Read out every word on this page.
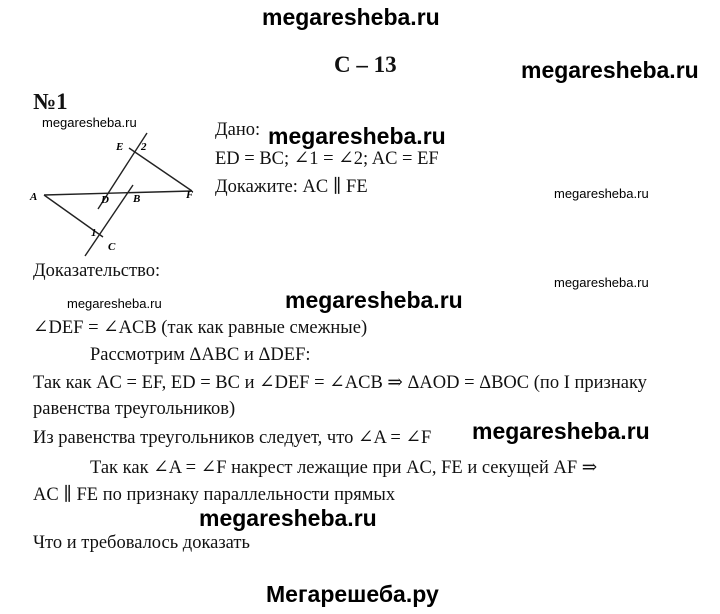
megaresheba.ru
С – 13	megaresheba.ru
№1
megaresheba.ru
A	B
C
D
E
F
1
2
Дано: megaresheba.ru
ED = BC; ∠1 = ∠2; AC = EF
Докажите: AC ∥ FE	megaresheba.ru
megaresheba.ru
Доказательство:
megaresheba.ru	megaresheba.ru
∠DEF = ∠ACB (так как равные смежные)
Рассмотрим ΔABC и ΔDEF:
Так как AC = EF, ED = BC и ∠DEF = ∠ACB ⇒ ΔAOD = ΔBOC (по I признаку
равенства треугольников)
Из равенства треугольников следует, что ∠A = ∠F megaresheba.ru
Так как ∠A = ∠F накрест лежащие при AC, FE и секущей AF ⇒
AC ∥ FE по признаку параллельности прямых
megaresheba.ru
Что и требовалось доказать
Мегарешеба.ру
